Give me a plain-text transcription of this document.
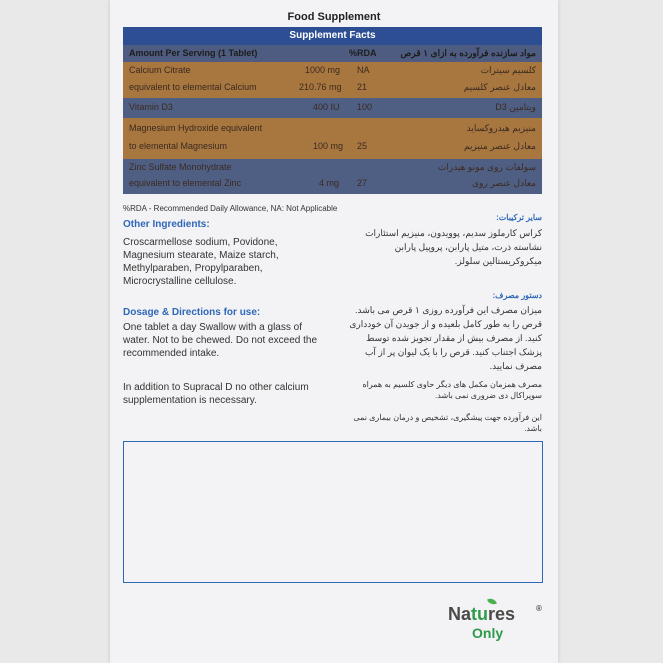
Food Supplement
Supplement Facts
Amount Per Serving (1 Tablet)	%RDA	مواد سازنده فرآورده به ازای ۱ قرص
Calcium Citrate	1000 mg NA	کلسیم سیترات
equivalent to elemental Calcium	210.76 mg 21	معادل عنصر کلسیم
Vitamin D3	400 IU 100	ویتامین D3
Magnesium Hydroxide equivalent	منیزیم هیدروکساید
to elemental Magnesium	100 mg 25	معادل عنصر منیزیم
Zinc Sulfate Monohydrate	سولفات روی مونو هیدرات
equivalent to elemental Zinc	4 mg 27	معادل عنصر روی
%RDA - Recommended Daily Allowance, NA: Not Applicable
Other Ingredients:
Croscarmellose sodium, Povidone, Magnesium stearate, Maize starch, Methylparaben, Propylparaben, Microcrystalline cellulose.
Dosage & Directions for use:
One tablet a day Swallow with a glass of water. Not to be chewed. Do not exceed the recommended intake.
In addition to Supracal D no other calcium supplementation is necessary.
سایر ترکیبات:
کراس کارملوز سدیم، پوویدون، منیزیم استئارات نشاسته ذرت، متیل پارابن، پروپیل پارابن میکروکریستالین سلولز.
دستور مصرف:
میزان مصرف این فرآورده روزی ۱ قرص می باشد. قرص را به طور کامل بلعیده و از جویدن آن خودداری کنید. از مصرف بیش از مقدار تجویز شده توسط پزشک اجتناب کنید. قرص را با یک لیوان پر از آب مصرف نمایید.
مصرف همزمان مکمل های دیگر حاوی کلسیم به همراه سوپراکال دی ضروری نمی باشد.
این فرآورده جهت پیشگیری، تشخیص و درمان بیماری نمی باشد.
Natures	®
Only
